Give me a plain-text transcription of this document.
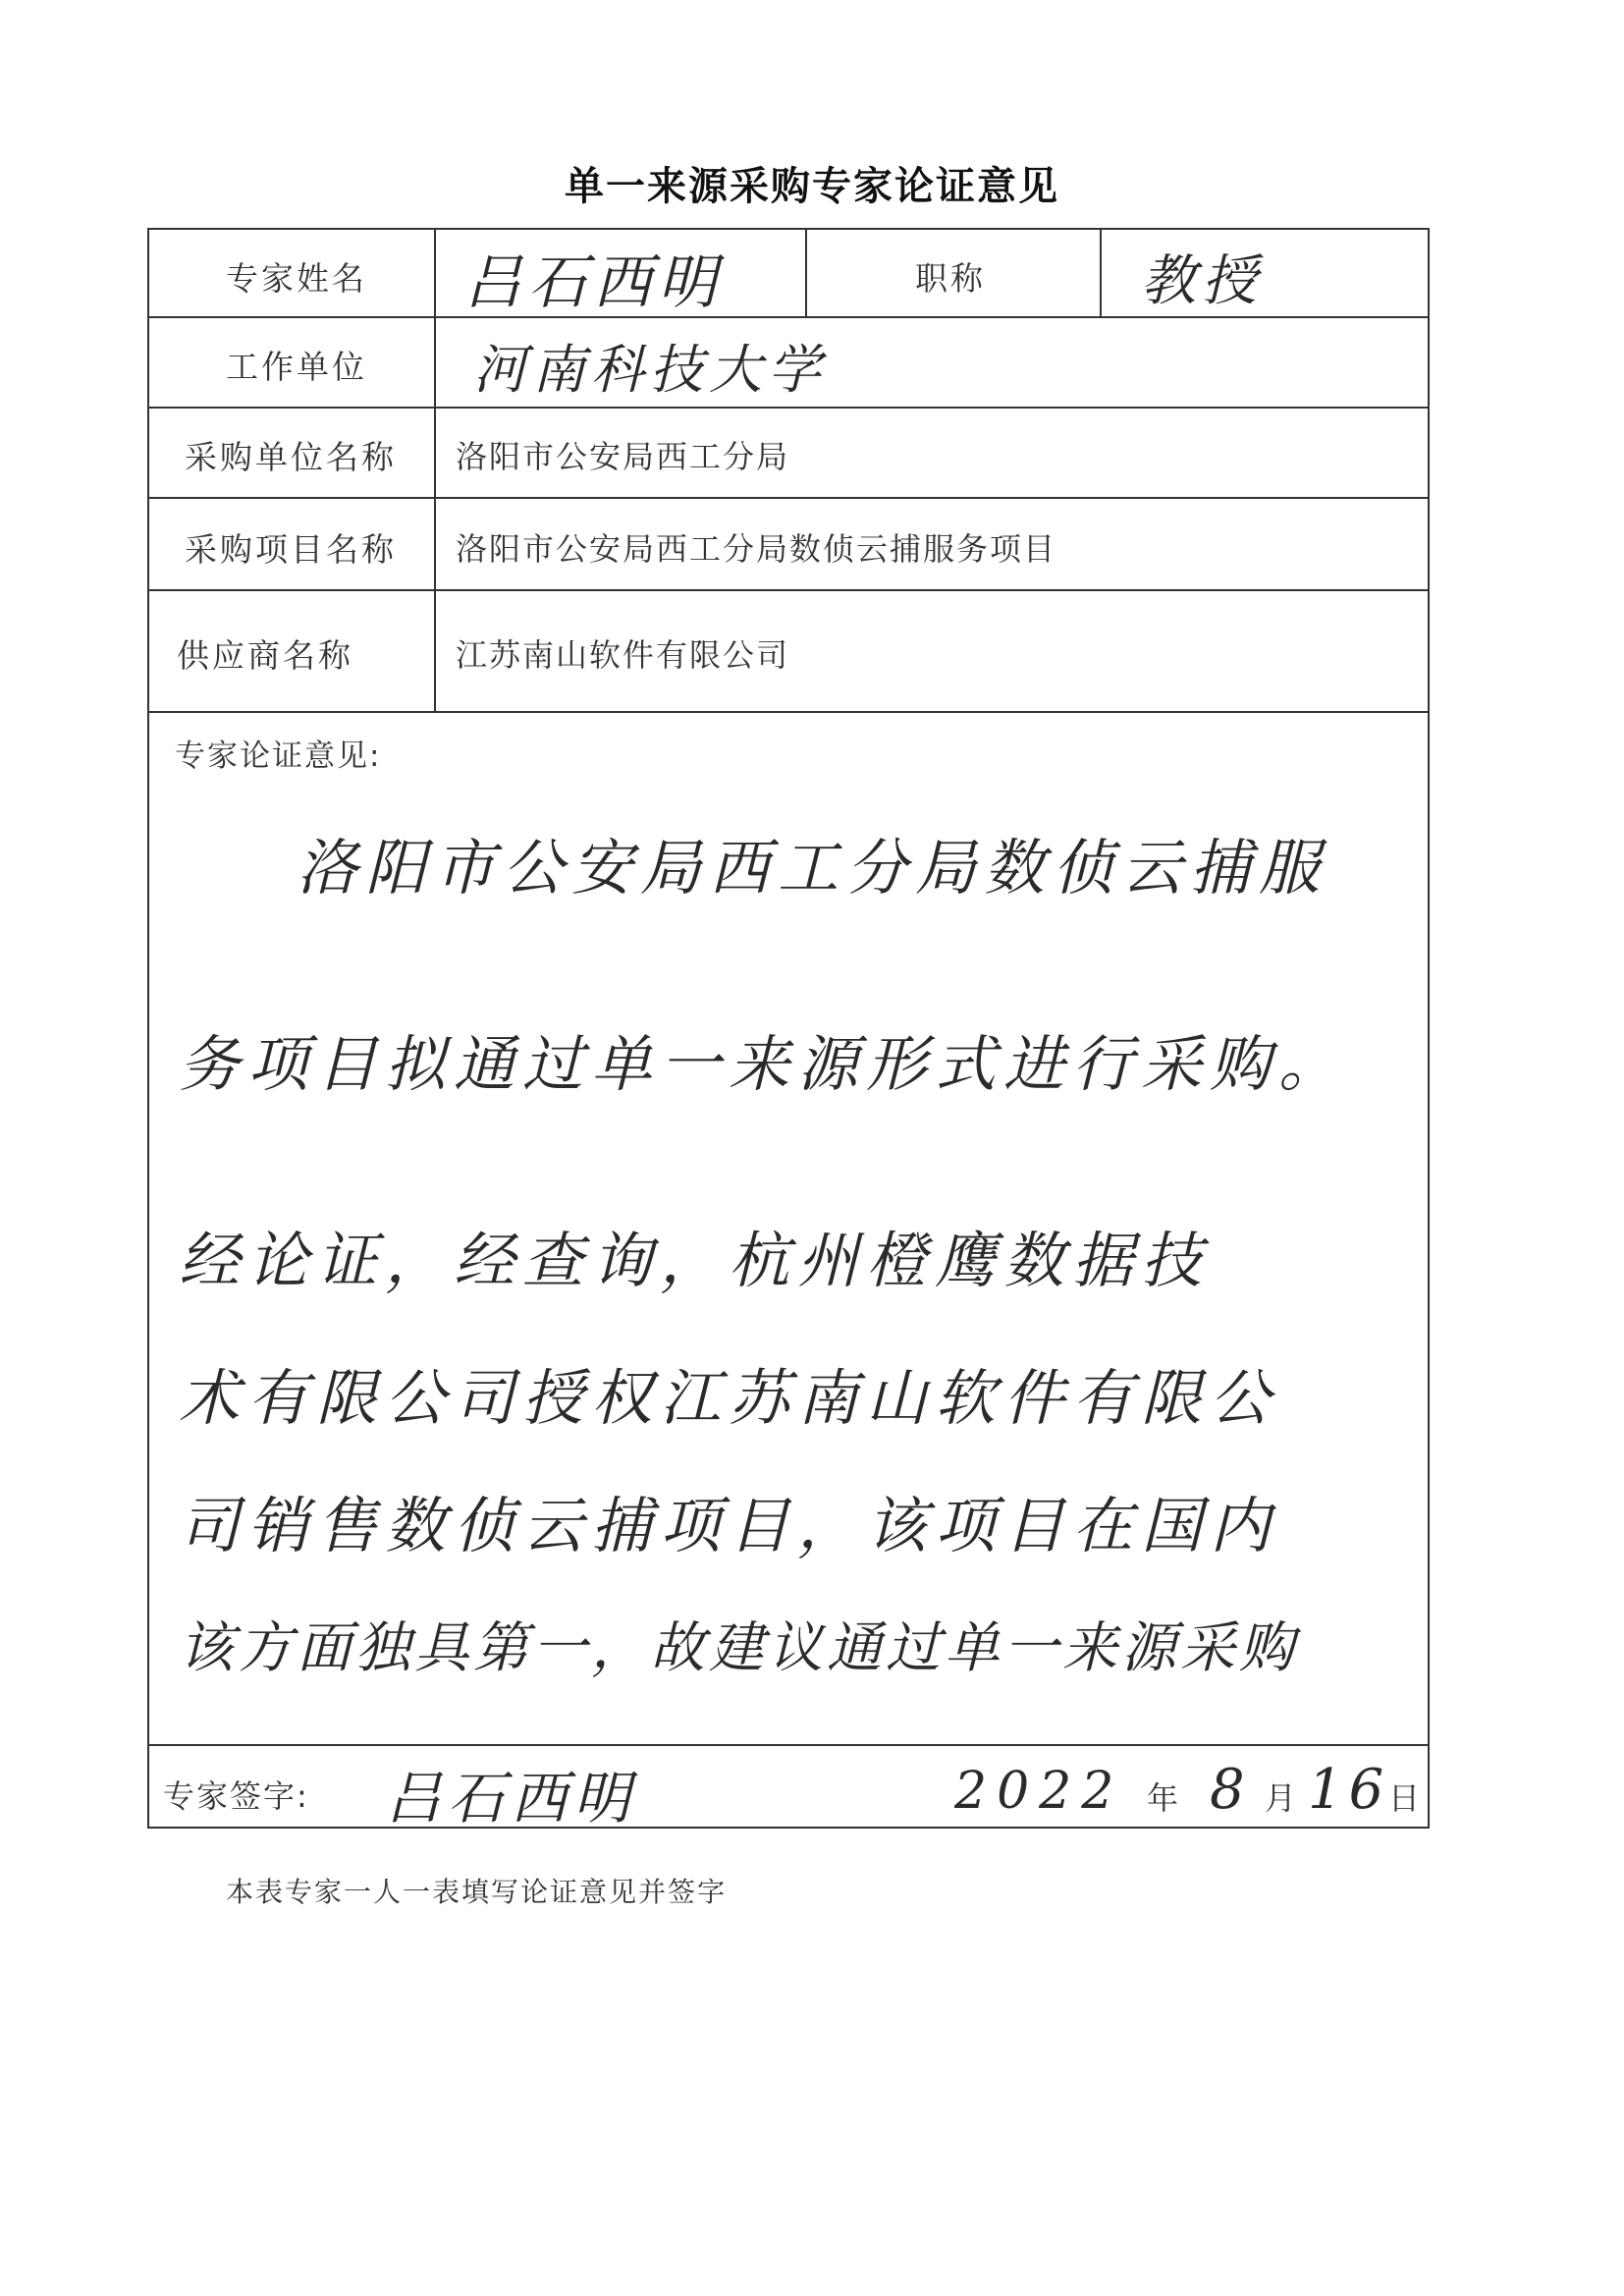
单一来源采购专家论证意见
专家姓名 吕石西明	职称	教授
工作单位 河南科技大学
采购单位名称 洛阳市公安局西工分局
采购项目名称 洛阳市公安局西工分局数侦云捕服务项目
供应商名称	江苏南山软件有限公司
专家论证意见:
洛阳市公安局西工分局数侦云捕服
务项目拟通过单一来源形式进行采购。
经论证，经查询，杭州橙鹰数据技
术有限公司授权江苏南山软件有限公
司销售数侦云捕项目，该项目在国内
该方面独具第一，故建议通过单一来源采购
专家签字: 吕石西明	2022 年 8 月 16
日
本表专家一人一表填写论证意见并签字
